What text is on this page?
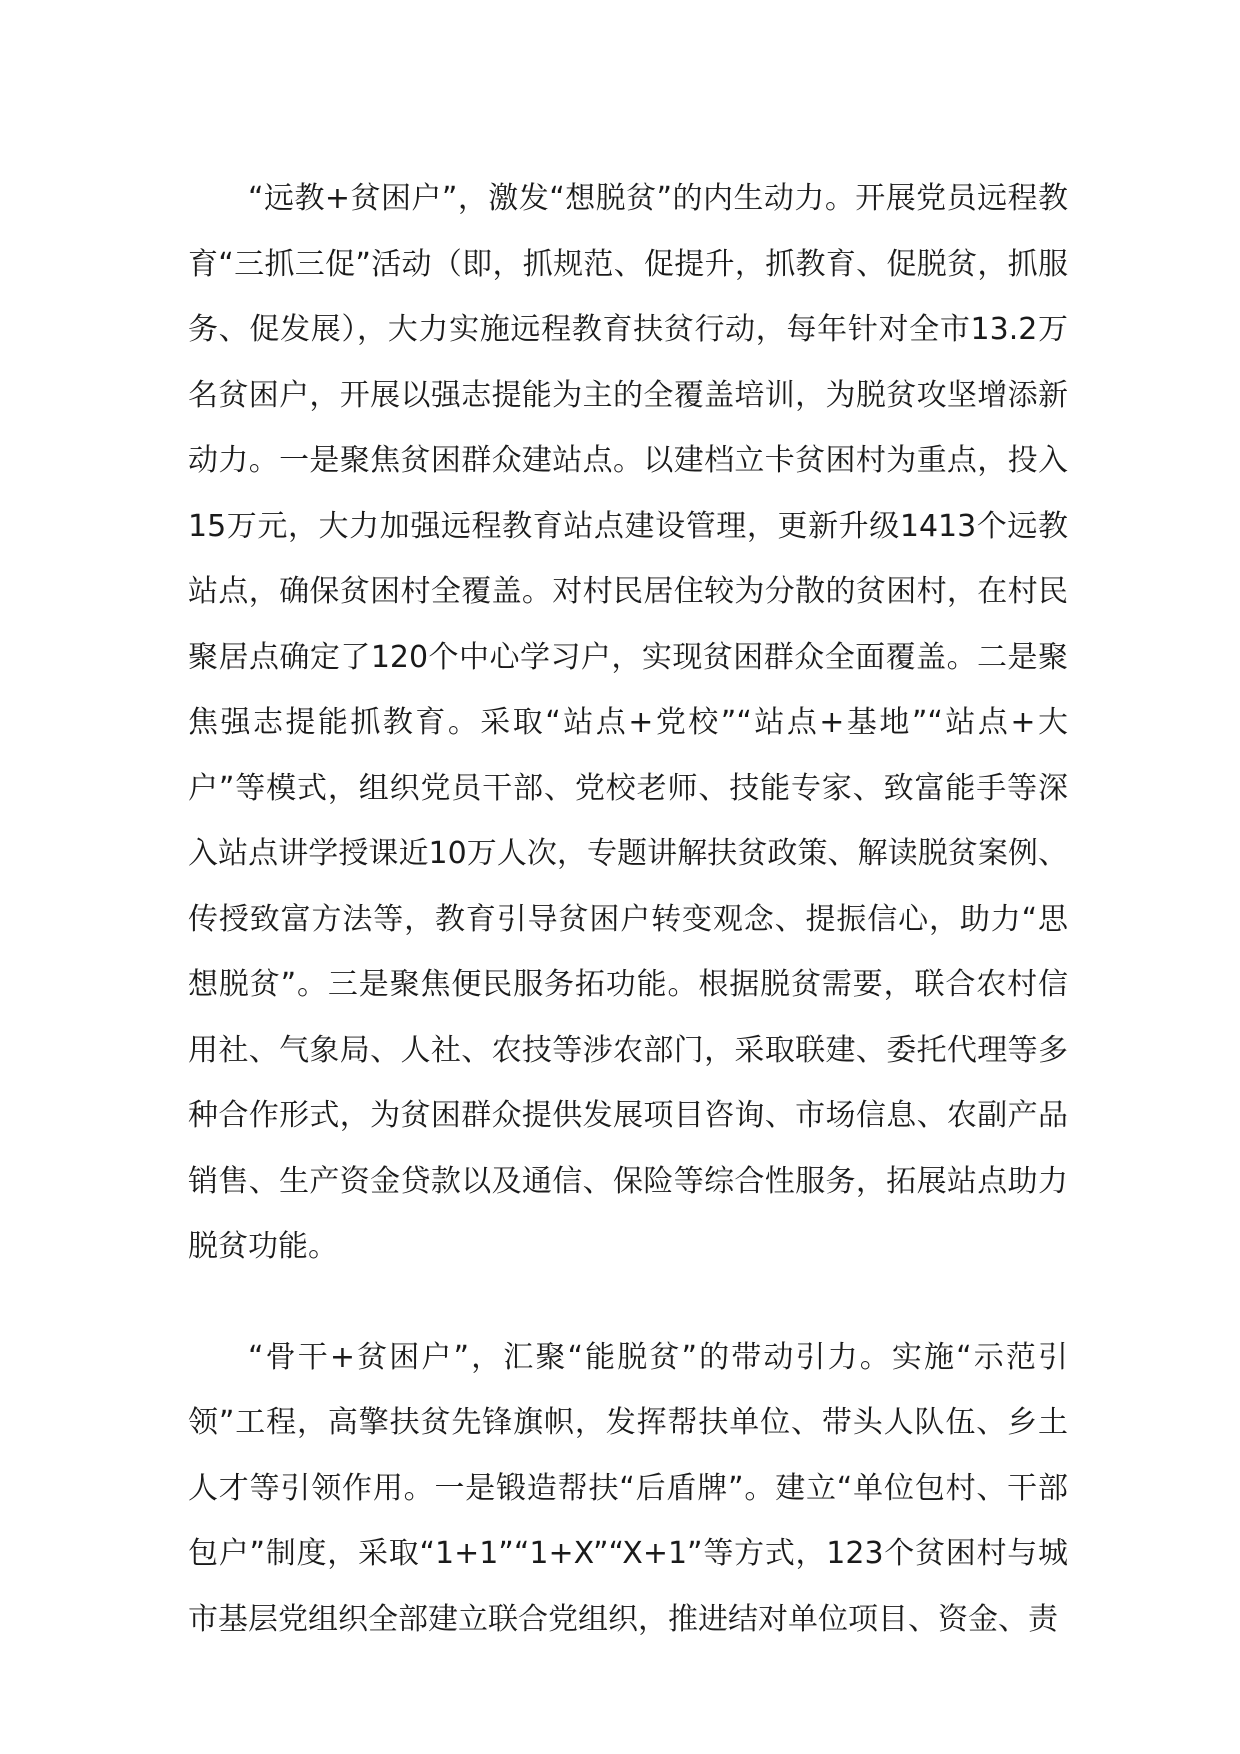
“远教+贫困户”，激发“想脱贫”的内生动力。开展党员远程教育“三抓三促”活动（即，抓规范、促提升，抓教育、促脱贫，抓服务、促发展），大力实施远程教育扶贫行动，每年针对全市13.2万名贫困户，开展以强志提能为主的全覆盖培训，为脱贫攻坚增添新动力。一是聚焦贫困群众建站点。以建档立卡贫困村为重点，投入15万元，大力加强远程教育站点建设管理，更新升级1413个远教站点，确保贫困村全覆盖。对村民居住较为分散的贫困村，在村民聚居点确定了120个中心学习户，实现贫困群众全面覆盖。二是聚焦强志提能抓教育。采取“站点+党校”“站点+基地”“站点+大户”等模式，组织党员干部、党校老师、技能专家、致富能手等深入站点讲学授课近10万人次，专题讲解扶贫政策、解读脱贫案例、传授致富方法等，教育引导贫困户转变观念、提振信心，助力“思想脱贫”。三是聚焦便民服务拓功能。根据脱贫需要，联合农村信用社、气象局、人社、农技等涉农部门，采取联建、委托代理等多种合作形式，为贫困群众提供发展项目咨询、市场信息、农副产品销售、生产资金贷款以及通信、保险等综合性服务，拓展站点助力脱贫功能。

“骨干+贫困户”，汇聚“能脱贫”的带动引力。实施“示范引领”工程，高擎扶贫先锋旗帜，发挥帮扶单位、带头人队伍、乡土人才等引领作用。一是锻造帮扶“后盾牌”。建立“单位包村、干部包户”制度，采取“1+1”“1+X”“X+1”等方式，123个贫困村与城市基层党组织全部建立联合党组织，推进结对单位项目、资金、责
